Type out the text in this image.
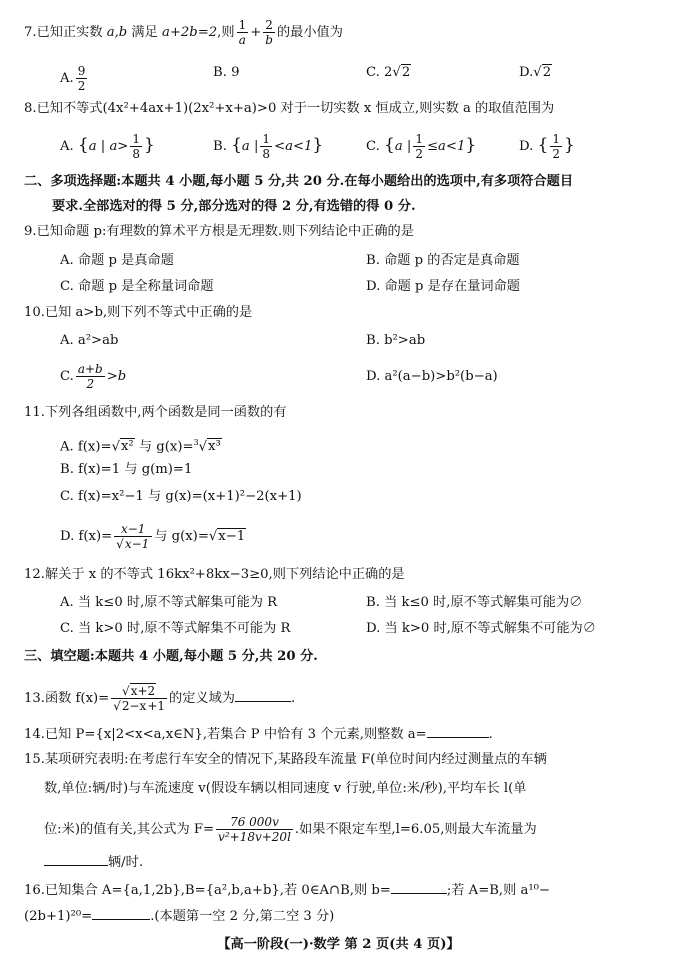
7.已知正实数 a,b 满足 a+2b=2,则 $\frac{1}{a} + \frac{2}{b}$ 的最小值为
A. $\frac{9}{2}$	B. 9	C. 2√2	D.√2
8.已知不等式(4x²+4ax+1)(2x²+x+a)>0 对于一切实数 x 恒成立,则实数 a 的取值范围为
A. {a | $a> \frac{1}{8}$ }	B. {a | $\frac{1}{8} <a<1$}	C. {a | $\frac{1}{2} \le a<1$}	D. { $\frac{1}{2}$ }
二、多项选择题:本题共 4 小题,每小题 5 分,共 20 分.在每小题给出的选项中,有多项符合题目
要求.全部选对的得 5 分,部分选对的得 2 分,有选错的得 0 分.
9.已知命题 p:有理数的算术平方根是无理数.则下列结论中正确的是
A. 命题 p 是真命题	B. 命题 p 的否定是真命题
C. 命题 p 是全称量词命题	D. 命题 p 是存在量词命题
10.已知 a>b,则下列不等式中正确的是
A. a²>ab	B. b²>ab
C. $\frac{a+b}{2} >b$	D. a²(a−b)>b²(b−a)
11.下列各组函数中,两个函数是同一函数的有
A. f(x)=√x² 与 g(x)=$^3$√x³
B. f(x)=1 与 g(m)=1
C. f(x)=x²−1 与 g(x)=(x+1)²−2(x+1)
D. $f(x)= \frac{x-1}{√x-1}$ 与 g(x)=√x−1
12.解关于 x 的不等式 16kx²+8kx−3≥0,则下列结论中正确的是
A. 当 k≤0 时,原不等式解集可能为 R	B. 当 k≤0 时,原不等式解集可能为∅
C. 当 k>0 时,原不等式解集不可能为 R	D. 当 k>0 时,原不等式解集不可能为∅
三、填空题:本题共 4 小题,每小题 5 分,共 20 分.
13.函数 $f(x)= \frac{√x+2}{√2-x+1}$ 的定义域为	.
14.已知 P={x|2<x<a,x∈N},若集合 P 中恰有 3 个元素,则整数 a=	.
15.某项研究表明:在考虑行车安全的情况下,某路段车流量 F(单位时间内经过测量点的车辆
数,单位:辆/时)与车流速度 v(假设车辆以相同速度 v 行驶,单位:米/秒),平均车长 l(单
位:米)的值有关,其公式为 $F= \frac{76 000v}{\text{v²+18v+20l}}$ .如果不限定车型,l=6.05,则最大车流量为
辆/时.
16.已知集合 A={a,1,2b},B={a²,b,a+b},若 0∈A∩B,则 b=	;若 A=B,则 a¹⁰−
(2b+1)²⁰=	.(本题第一空 2 分,第二空 3 分)
【高一阶段(一)·数学 第 2 页(共 4 页)】
